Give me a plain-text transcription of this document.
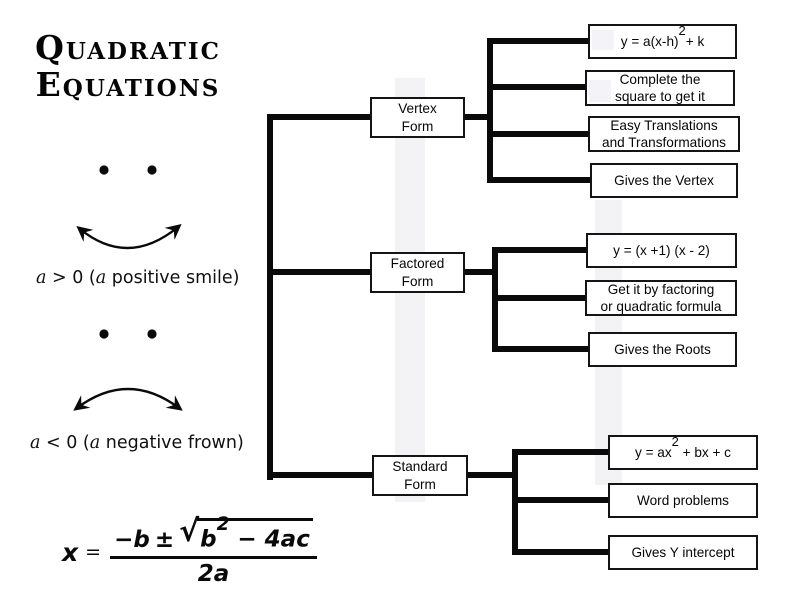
Quadratic
Equations
a > 0 (a positive smile)
a < 0 (a negative frown)
$x = \frac{-b \pm √ b^2 - 4ac}{2a}$
Vertex
Form
Factored
Form
Standard
Form
$y = a(x-h)^2+ k$
Complete the
square to get it
Easy Translations
and Transformations
Gives the Vertex
y = (x +1) (x - 2)
Get it by factoring
or quadratic formula
Gives the Roots
$y = ax^2$ + bx + c
Word problems
Gives Y intercept
